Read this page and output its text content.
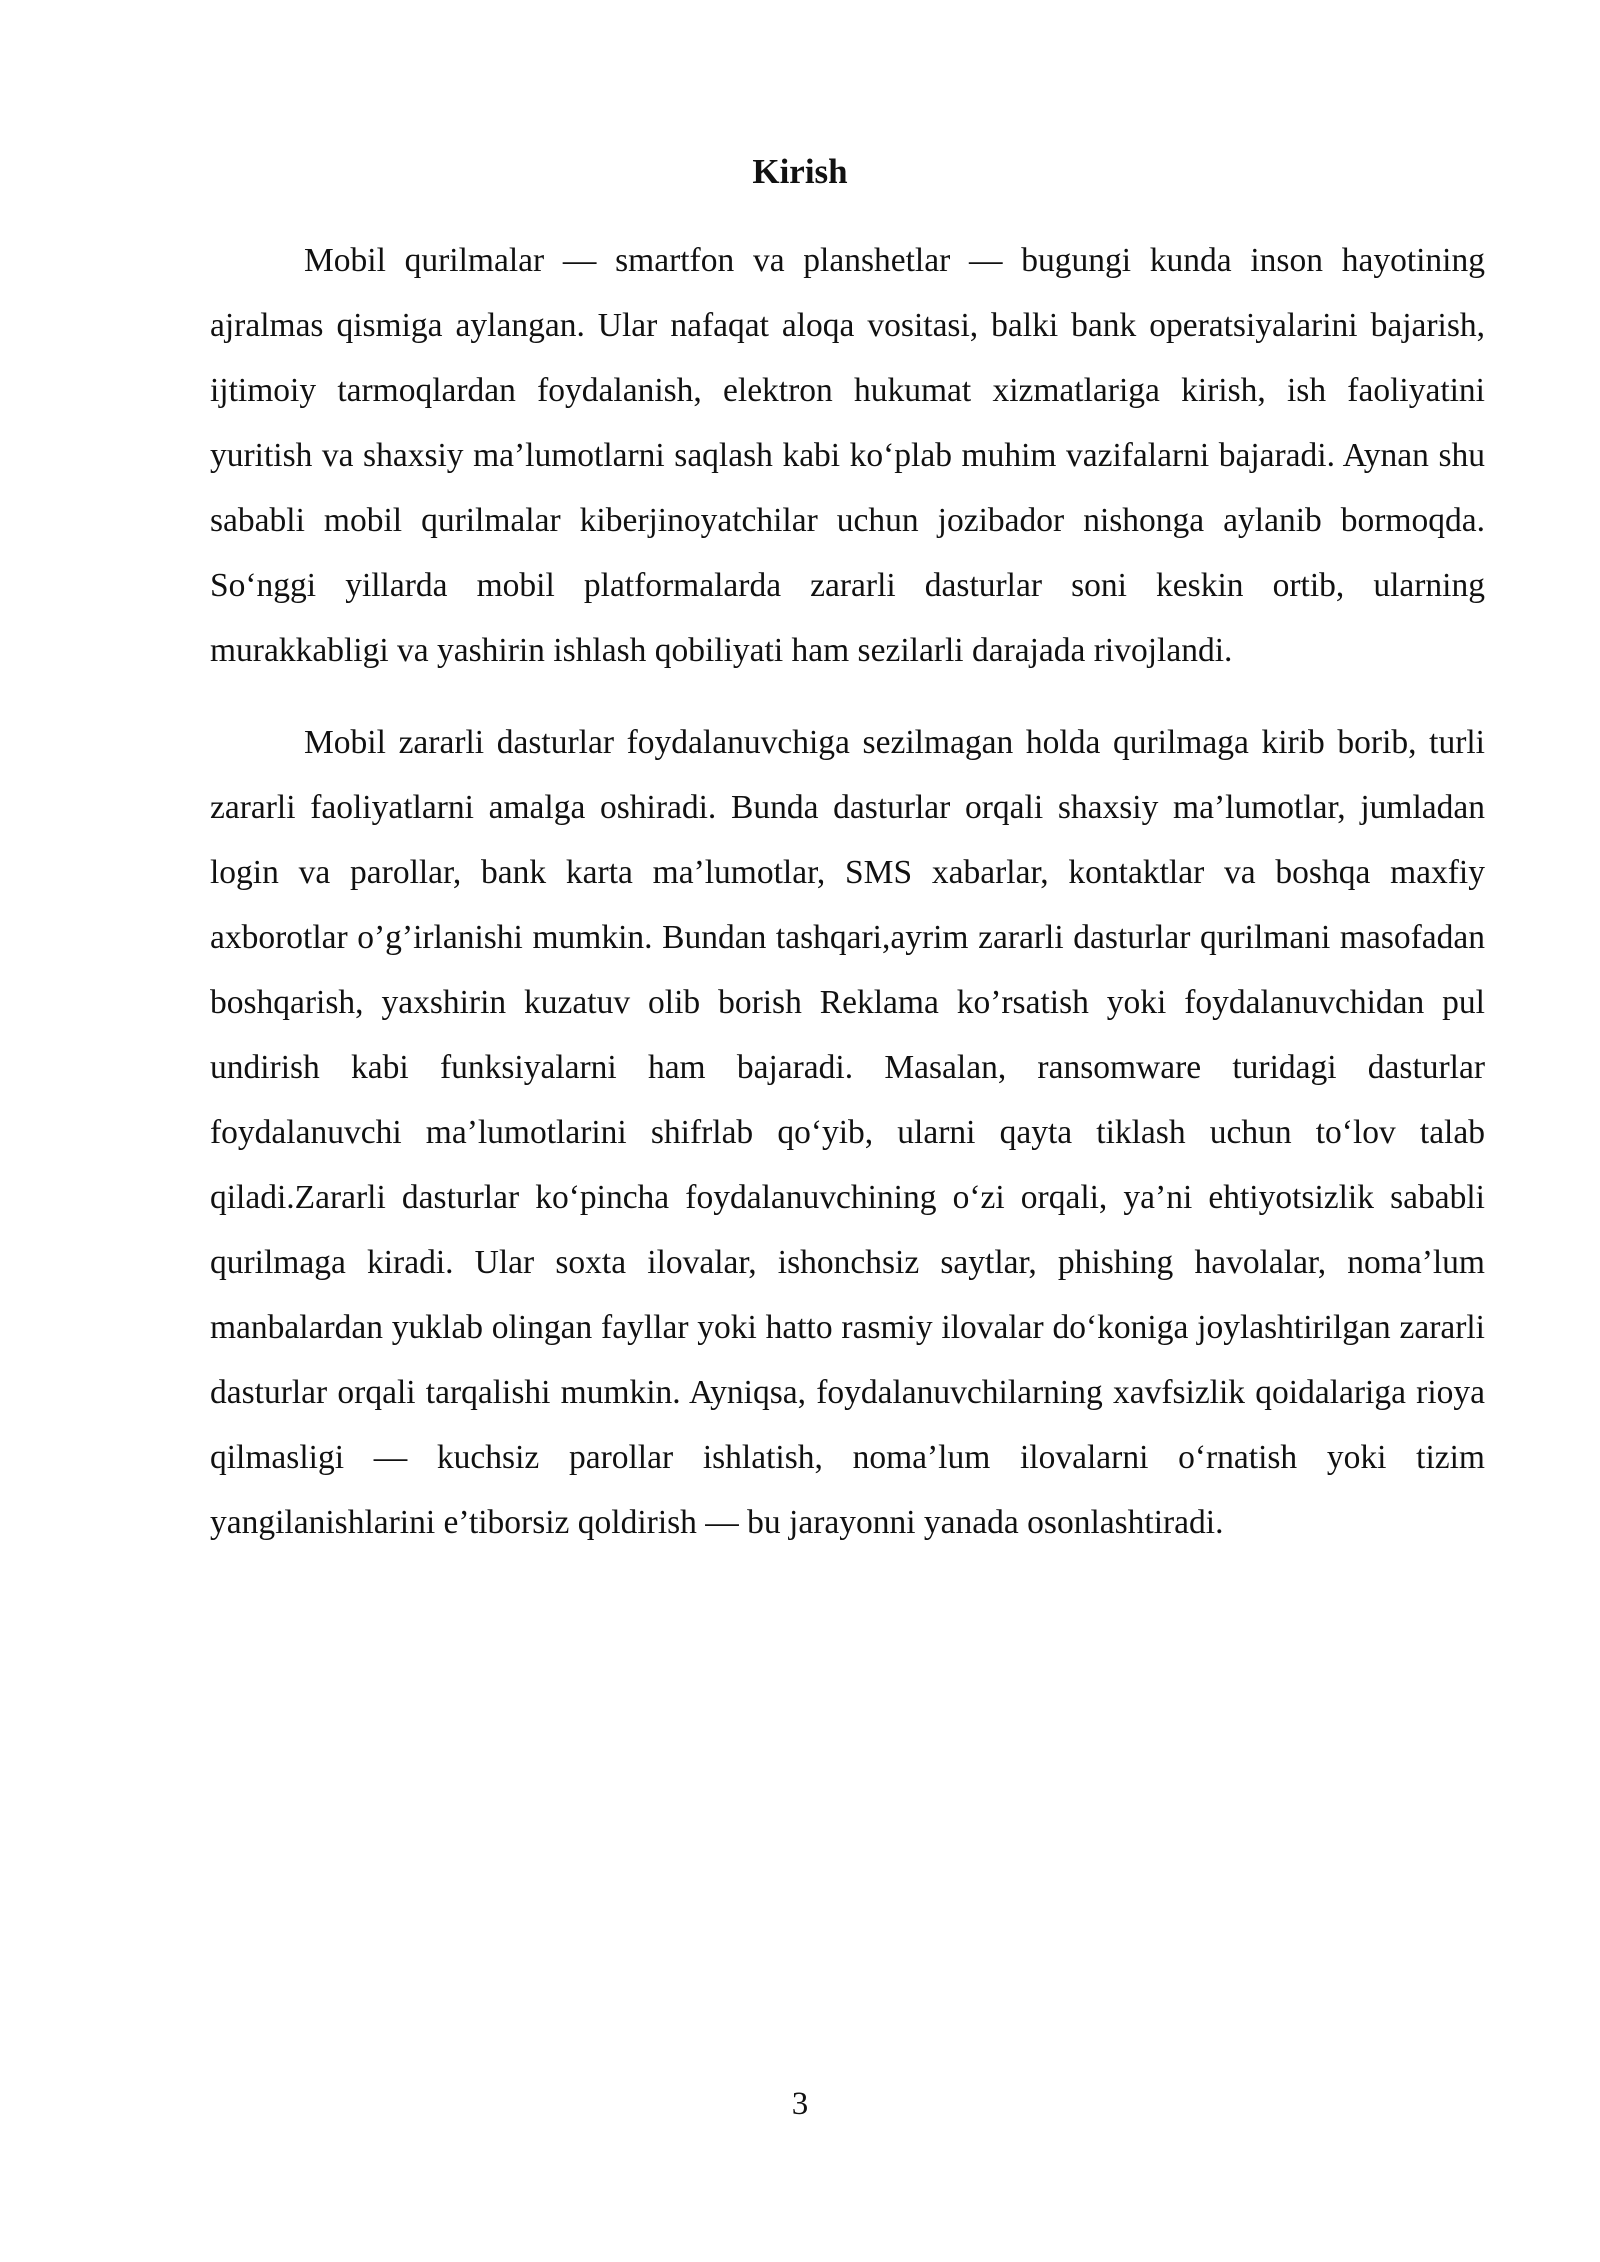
Kirish

Mobil qurilmalar — smartfon va planshetlar — bugungi kunda inson hayotining ajralmas qismiga aylangan. Ular nafaqat aloqa vositasi, balki bank operatsiyalarini bajarish, ijtimoiy tarmoqlardan foydalanish, elektron hukumat xizmatlariga kirish, ish faoliyatini yuritish va shaxsiy ma’lumotlarni saqlash kabi ko‘plab muhim vazifalarni bajaradi. Aynan shu sababli mobil qurilmalar kiberjinoyatchilar uchun jozibador nishonga aylanib bormoqda. So‘nggi yillarda mobil platformalarda zararli dasturlar soni keskin ortib, ularning murakkabligi va yashirin ishlash qobiliyati ham sezilarli darajada rivojlandi.

Mobil zararli dasturlar foydalanuvchiga sezilmagan holda qurilmaga kirib borib, turli zararli faoliyatlarni amalga oshiradi. Bunda dasturlar orqali shaxsiy ma’lumotlar, jumladan login va parollar, bank karta ma’lumotlar, SMS xabarlar, kontaktlar va boshqa maxfiy axborotlar o’g’irlanishi mumkin. Bundan tashqari,ayrim zararli dasturlar qurilmani masofadan boshqarish, yaxshirin kuzatuv olib borish Reklama ko’rsatish yoki foydalanuvchidan pul undirish kabi funksiyalarni ham bajaradi. Masalan, ransomware turidagi dasturlar foydalanuvchi ma’lumotlarini shifrlab qo‘yib, ularni qayta tiklash uchun to‘lov talab qiladi.Zararli dasturlar ko‘pincha foydalanuvchining o‘zi orqali, ya’ni ehtiyotsizlik sababli qurilmaga kiradi. Ular soxta ilovalar, ishonchsiz saytlar, phishing havolalar, noma’lum manbalardan yuklab olingan fayllar yoki hatto rasmiy ilovalar do‘koniga joylashtirilgan zararli dasturlar orqali tarqalishi mumkin. Ayniqsa, foydalanuvchilarning xavfsizlik qoidalariga rioya qilmasligi — kuchsiz parollar ishlatish, noma’lum ilovalarni o‘rnatish yoki tizim yangilanishlarini e’tiborsiz qoldirish — bu jarayonni yanada osonlashtiradi.

3
